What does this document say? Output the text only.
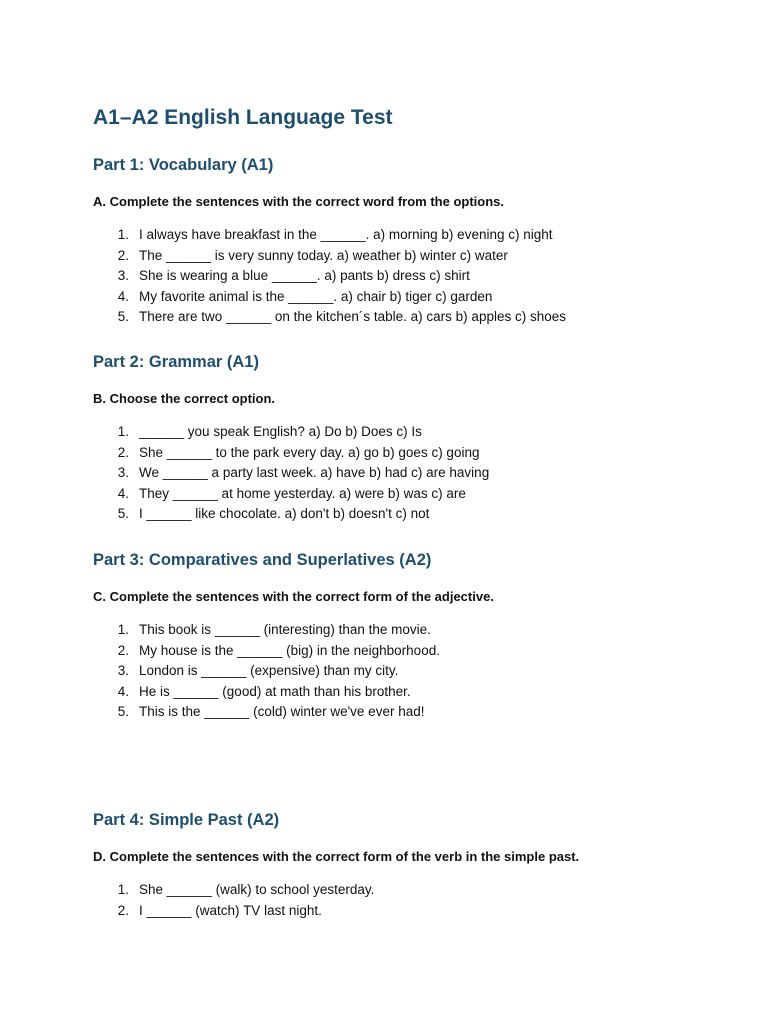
A1–A2 English Language Test
Part 1: Vocabulary (A1)

A. Complete the sentences with the correct word from the options.

1. I always have breakfast in the ______. a) morning b) evening c) night
2. The ______ is very sunny today. a) weather b) winter c) water
3. She is wearing a blue ______. a) pants b) dress c) shirt
4. My favorite animal is the ______. a) chair b) tiger c) garden
5. There are two ______ on the kitchen´s table. a) cars b) apples c) shoes
Part 2: Grammar (A1)

B. Choose the correct option.

1. ______ you speak English? a) Do b) Does c) Is
2. She ______ to the park every day. a) go b) goes c) going
3. We ______ a party last week. a) have b) had c) are having
4. They ______ at home yesterday. a) were b) was c) are
5. I ______ like chocolate. a) don't b) doesn't c) not
Part 3: Comparatives and Superlatives (A2)

C. Complete the sentences with the correct form of the adjective.

1. This book is ______ (interesting) than the movie.
2. My house is the ______ (big) in the neighborhood.
3. London is ______ (expensive) than my city.
4. He is ______ (good) at math than his brother.
5. This is the ______ (cold) winter we've ever had!
Part 4: Simple Past (A2)

D. Complete the sentences with the correct form of the verb in the simple past.

1. She ______ (walk) to school yesterday.
2. I ______ (watch) TV last night.
